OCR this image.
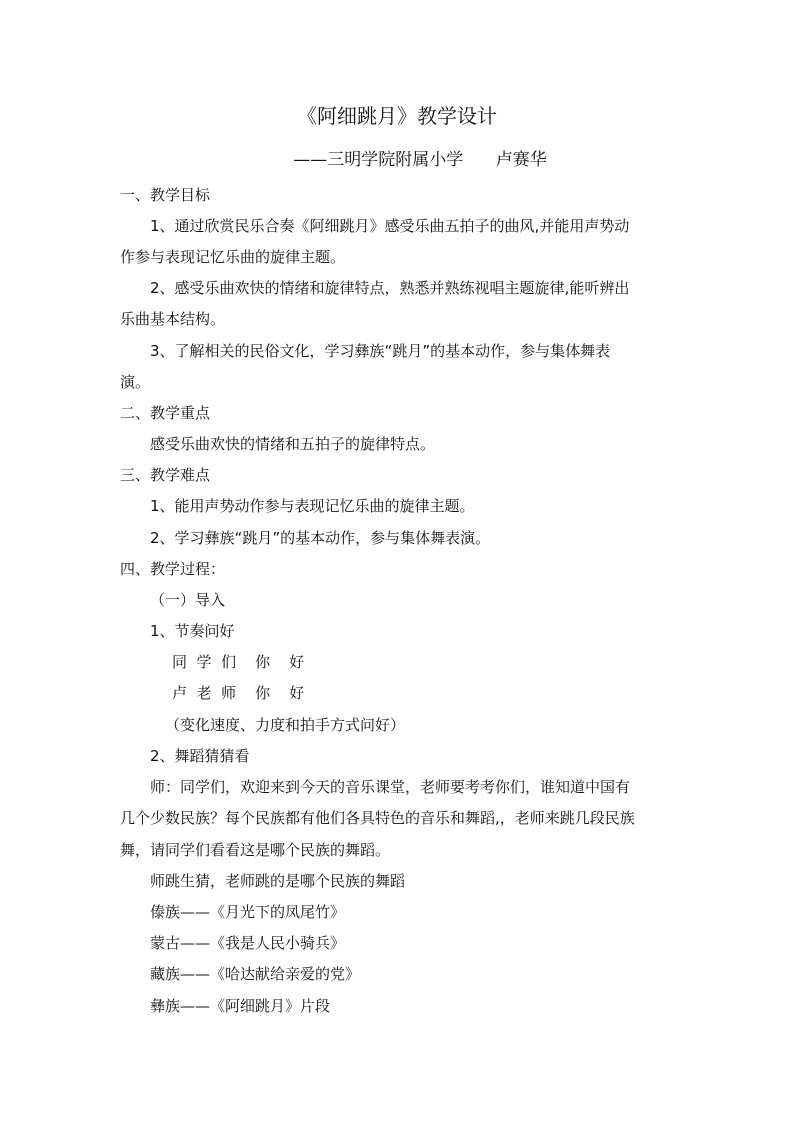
《阿细跳月》教学设计
——三明学院附属小学      卢赛华
一、教学目标
1、通过欣赏民乐合奏《阿细跳月》感受乐曲五拍子的曲风,并能用声势动
作参与表现记忆乐曲的旋律主题。
2、感受乐曲欢快的情绪和旋律特点，熟悉并熟练视唱主题旋律,能听辨出
乐曲基本结构。
3、了解相关的民俗文化，学习彝族“跳月”的基本动作，参与集体舞表
演。
二、教学重点
感受乐曲欢快的情绪和五拍子的旋律特点。
三、教学难点
1、能用声势动作参与表现记忆乐曲的旋律主题。
2、学习彝族“跳月”的基本动作，参与集体舞表演。
四、教学过程：
（一）导入
1、节奏问好
同  学  们    你    好
卢  老  师    你    好
（变化速度、力度和拍手方式问好）
2、舞蹈猜猜看
师：同学们，欢迎来到今天的音乐课堂，老师要考考你们，谁知道中国有
几个少数民族？每个民族都有他们各具特色的音乐和舞蹈,，老师来跳几段民族
舞，请同学们看看这是哪个民族的舞蹈。
师跳生猜，老师跳的是哪个民族的舞蹈
傣族——《月光下的凤尾竹》
蒙古——《我是人民小骑兵》
藏族——《哈达献给亲爱的党》
彝族——《阿细跳月》片段
